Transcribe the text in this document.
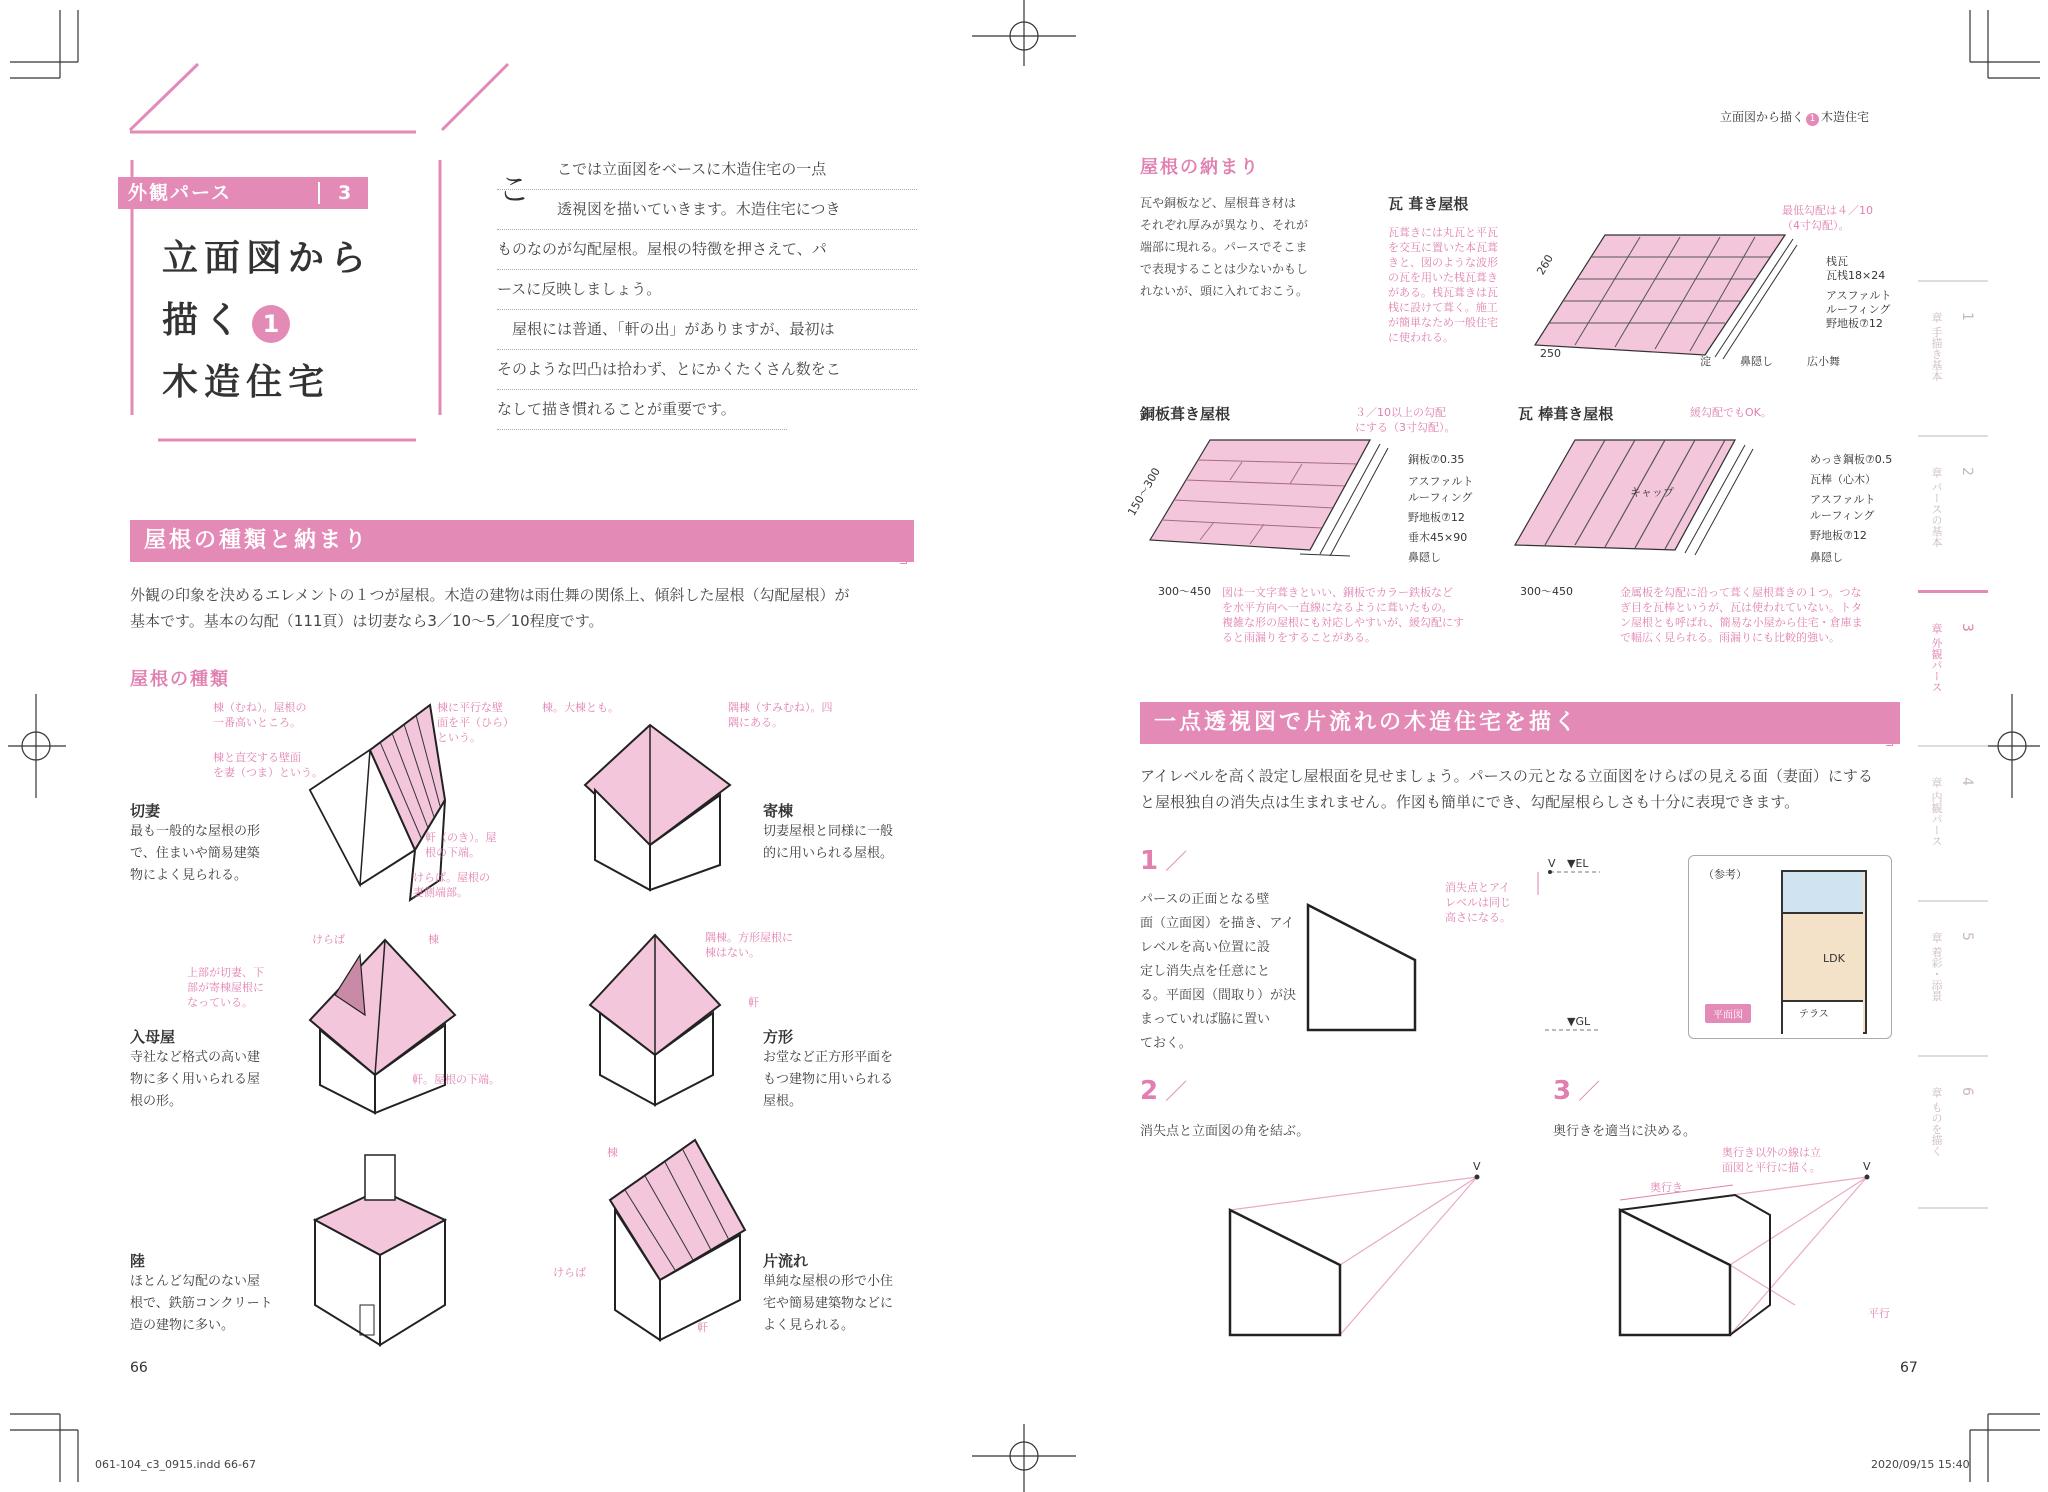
外観パース	3
立面図から
描く 1
木造住宅
こ
こでは立面図をベースに木造住宅の一点
透視図を描いていきます。木造住宅につき
ものなのが勾配屋根。屋根の特徴を押さえて、パ
ースに反映しましょう。
　屋根には普通、「軒の出」がありますが、最初は
そのような凹凸は拾わず、とにかくたくさん数をこ
なして描き慣れることが重要です。
屋根の種類と納まり
外観の印象を決めるエレメントの１つが屋根。木造の建物は雨仕舞の関係上、傾斜した屋根（勾配屋根）が
基本です。基本の勾配（111頁）は切妻なら3／10～5／10程度です。
屋根の種類
切妻
最も一般的な屋根の形
で、住まいや簡易建築
物によく見られる。
寄棟
切妻屋根と同様に一般
的に用いられる屋根。
入母屋
寺社など格式の高い建
物に多く用いられる屋
根の形。
方形
お堂など正方形平面を
もつ建物に用いられる
屋根。
陸
ほとんど勾配のない屋
根で、鉄筋コンクリート
造の建物に多い。
片流れ
単純な屋根の形で小住
宅や簡易建築物などに
よく見られる。
棟（むね）。屋根の
一番高いところ。
棟に平行な壁
面を平（ひら）
という。
棟と直交する壁面
を妻（つま）という。
軒（のき）。屋
根の下端。
けらば。屋根の
妻側端部。
棟。大棟とも。	隅棟（すみむね）。四
隅にある。
けらば	棟
上部が切妻、下
部が寄棟屋根に
なっている。
軒。屋根の下端。
隅棟。方形屋根に
棟はない。
軒
棟
けらば
軒
66
061-104_c3_0915.indd 66-67
立面図から描く 1 木造住宅
屋根の納まり
瓦や銅板など、屋根葺き材は
それぞれ厚みが異なり、それが
端部に現れる。パースでそこま
で表現することは少ないかもし
れないが、頭に入れておこう。
瓦 葺き屋根
瓦葺きには丸瓦と平瓦
を交互に置いた本瓦葺
きと、図のような波形
の瓦を用いた桟瓦葺き
がある。桟瓦葺きは瓦
桟に設けて葺く。施工
が簡単なため一般住宅
に使われる。
最低勾配は４／10
（4寸勾配）。
桟瓦
瓦桟18×24
アスファルト
ルーフィング
野地板⑦12
広小舞
鼻隠し
淀
260
250
銅板葺き屋根	３／10以上の勾配
にする（3寸勾配）。
銅板⑦0.35
アスファルト
ルーフィング
野地板⑦12
垂木45×90
鼻隠し
150～300
300～450 図は一文字葺きといい、銅板でカラー鉄板など
を水平方向へ一直線になるように葺いたもの。
複雑な形の屋根にも対応しやすいが、緩勾配にす
ると雨漏りをすることがある。
瓦 棒葺き屋根	緩勾配でもOK。
めっき鋼板⑦0.5
瓦棒（心木）
アスファルト
ルーフィング
野地板⑦12
鼻隠し
キャップ
300～450	金属板を勾配に沿って葺く屋根葺きの１つ。つな
ぎ目を瓦棒というが、瓦は使われていない。トタ
ン屋根とも呼ばれ、簡易な小屋から住宅・倉庫ま
で幅広く見られる。雨漏りにも比較的強い。
一点透視図で片流れの木造住宅を描く
アイレベルを高く設定し屋根面を見せましょう。パースの元となる立面図をけらばの見える面（妻面）にする
と屋根独自の消失点は生まれません。作図も簡単にでき、勾配屋根らしさも十分に表現できます。
1 ／
パースの正面となる壁
面（立面図）を描き、アイ
レベルを高い位置に設
定し消失点を任意にと
る。平面図（間取り）が決
まっていれば脇に置い
ておく。
V ▼EL
▼GL
消失点とアイ
レベルは同じ
高さになる。
（参考）
平面図
LDK
テラス
2 ／
消失点と立面図の角を結ぶ。
V
3 ／
奥行きを適当に決める。
V
奥行き
奥行き以外の線は立
面図と平行に描く。
平行
1
章 手描き基本
2
章 パースの基本
3
章 外観パース
4
章 内観パース
5
章 着彩・添景
6
章 ものを描く
67
2020/09/15 15:40
